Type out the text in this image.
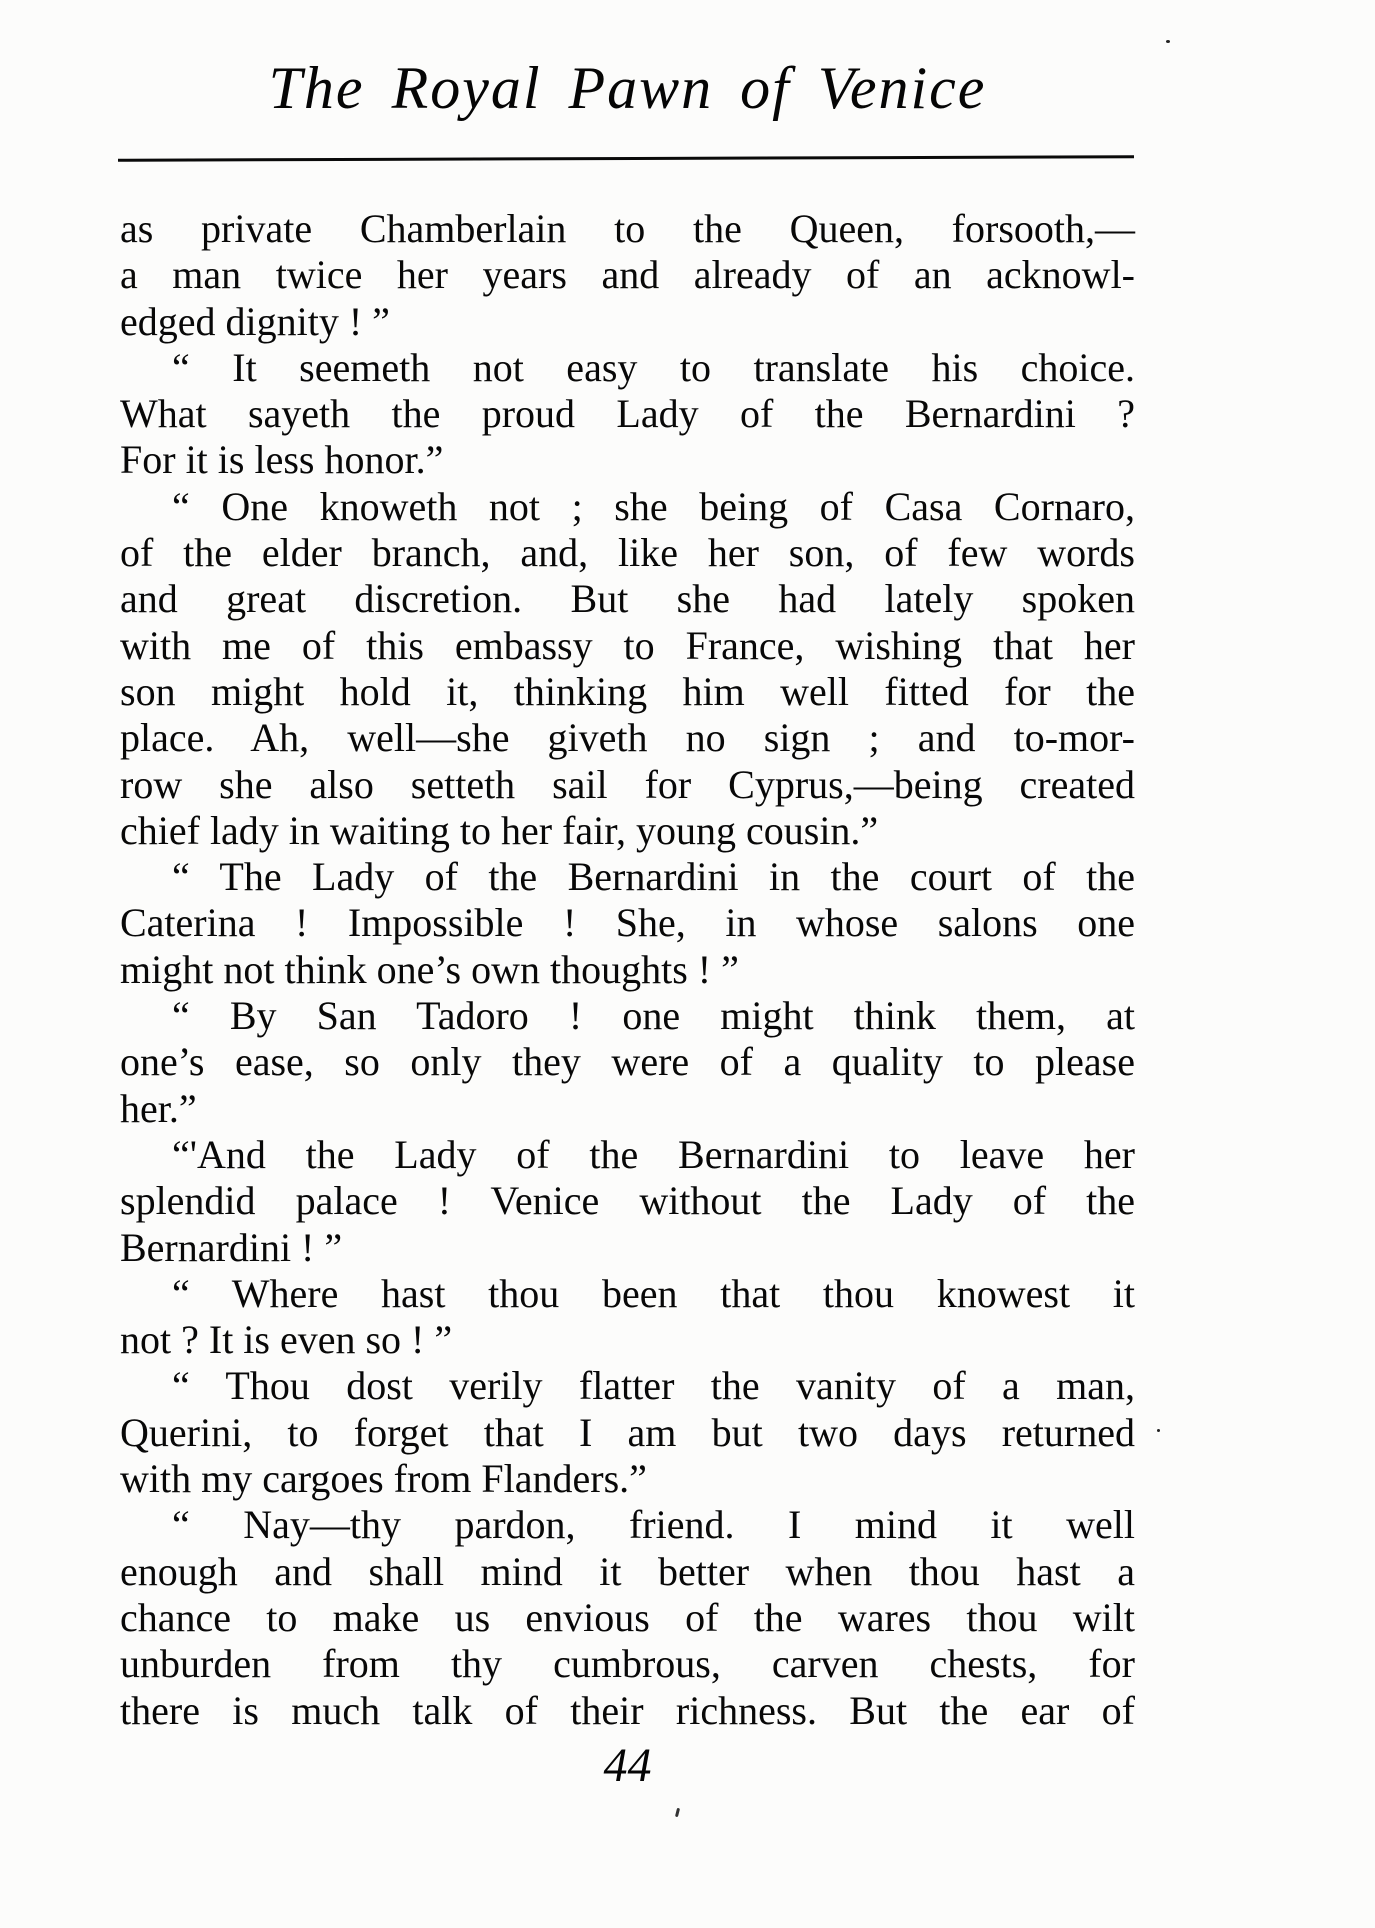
The Royal Pawn of Venice
as private Chamberlain to the Queen, forsooth,—
a man twice her years and already of an acknowl-
edged dignity ! ”
“ It seemeth not easy to translate his choice.
What sayeth the proud Lady of the Bernardini ?
For it is less honor.”
“ One knoweth not ; she being of Casa Cornaro,
of the elder branch, and, like her son, of few words
and great discretion. But she had lately spoken
with me of this embassy to France, wishing that her
son might hold it, thinking him well fitted for the
place. Ah, well—she giveth no sign ; and to-mor-
row she also setteth sail for Cyprus,—being created
chief lady in waiting to her fair, young cousin.”
“ The Lady of the Bernardini in the court of the
Caterina ! Impossible ! She, in whose salons one
might not think one’s own thoughts ! ”
“ By San Tadoro ! one might think them, at
one’s ease, so only they were of a quality to please
her.”
“'And the Lady of the Bernardini to leave her
splendid palace ! Venice without the Lady of the
Bernardini ! ”
“ Where hast thou been that thou knowest it
not ? It is even so ! ”
“ Thou dost verily flatter the vanity of a man,
Querini, to forget that I am but two days returned
with my cargoes from Flanders.”
“ Nay—thy pardon, friend. I mind it well
enough and shall mind it better when thou hast a
chance to make us envious of the wares thou wilt
unburden from thy cumbrous, carven chests, for
there is much talk of their richness. But the ear of
44
